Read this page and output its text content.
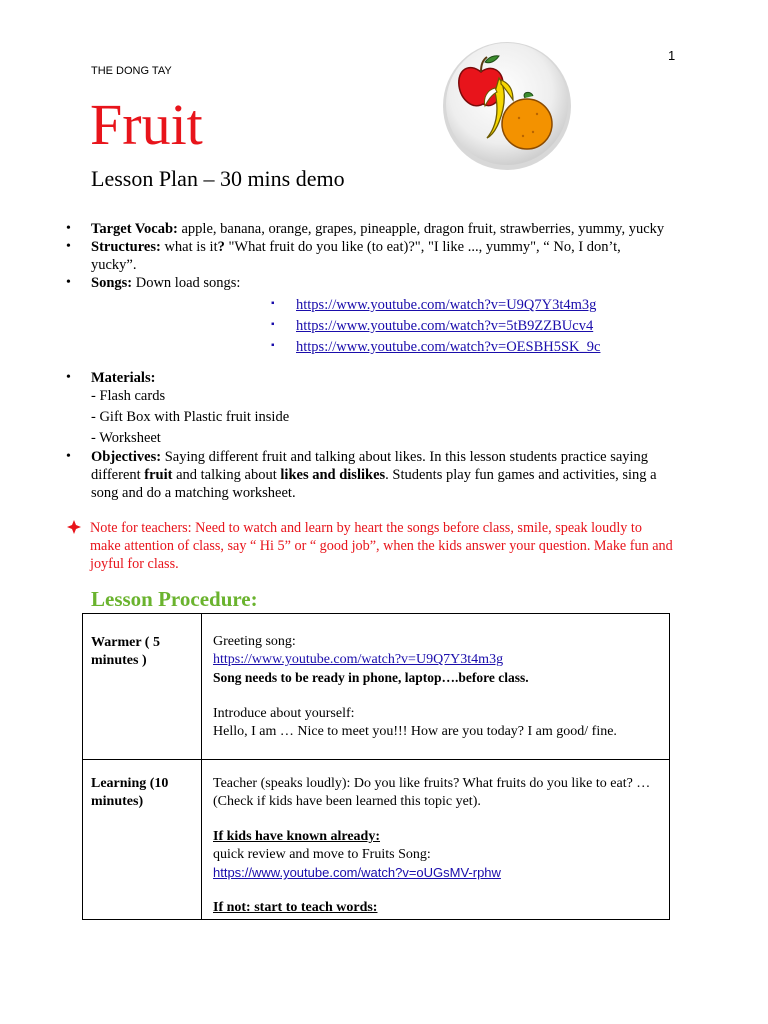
1
THE DONG TAY
Fruit
Lesson Plan – 30 mins demo
• Target Vocab: apple, banana, orange, grapes, pineapple, dragon fruit, strawberries, yummy, yucky
• Structures: what is it? "What fruit do you like (to eat)?", "I like ..., yummy", “ No, I don’t, yucky”.
• Songs: Down load songs:
▪ https://www.youtube.com/watch?v=U9Q7Y3t4m3g
▪ https://www.youtube.com/watch?v=5tB9ZZBUcv4
▪ https://www.youtube.com/watch?v=OESBH5SK_9c
• Materials:
- Flash cards
- Gift Box with Plastic fruit inside
- Worksheet
• Objectives: Saying different fruit and talking about likes. In this lesson students practice saying different fruit and talking about likes and dislikes. Students play fun games and activities, sing a song and do a matching worksheet.
Note for teachers: Need to watch and learn by heart the songs before class, smile, speak loudly to make attention of class, say “ Hi 5” or “ good job”, when the kids answer your question. Make fun and joyful for class.
Lesson Procedure:
Warmer ( 5 minutes )	Greeting song:
https://www.youtube.com/watch?v=U9Q7Y3t4m3g
Song needs to be ready in phone, laptop….before class.
Introduce about yourself:
Hello, I am … Nice to meet you!!! How are you today? I am good/ fine.

Learning (10 minutes)	Teacher (speaks loudly): Do you like fruits? What fruits do you like to eat? … (Check if kids have been learned this topic yet).
If kids have known already:
quick review and move to Fruits Song:
https://www.youtube.com/watch?v=oUGsMV-rphw
If not: start to teach words:
